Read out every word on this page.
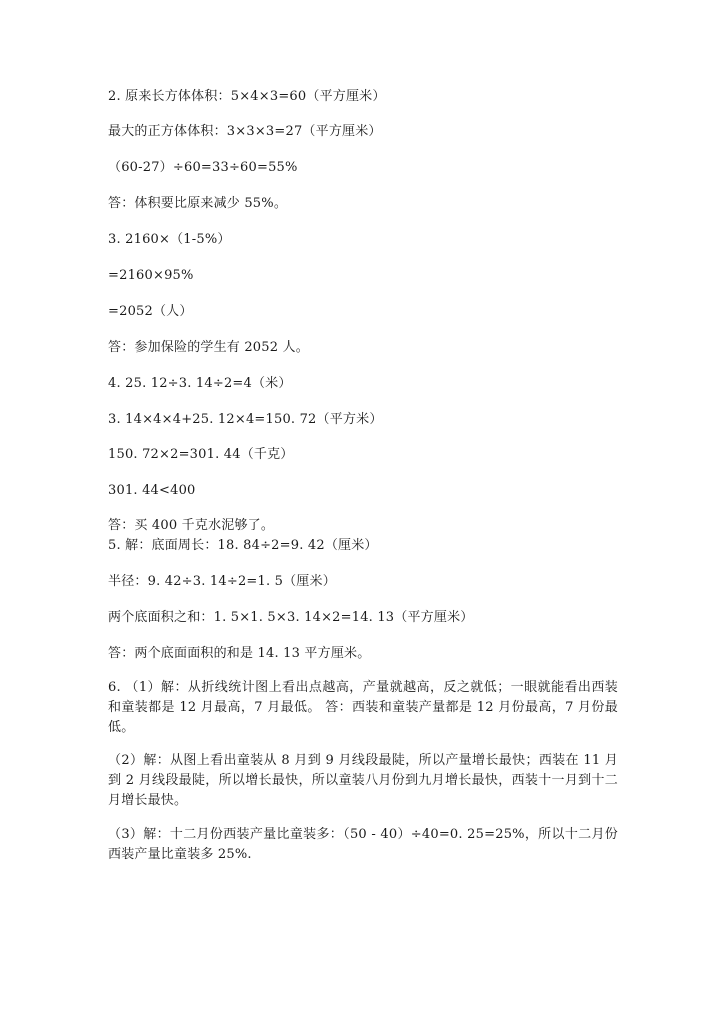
2. 原来长方体体积：5×4×3=60（平方厘米）
最大的正方体体积：3×3×3=27（平方厘米）
（60-27）÷60=33÷60=55%
答：体积要比原来减少 55%。
3. 2160×（1-5%）
=2160×95%
=2052（人）
答：参加保险的学生有 2052 人。
4. 25. 12÷3. 14÷2=4（米）
3. 14×4×4+25. 12×4=150. 72（平方米）
150. 72×2=301. 44（千克）
301. 44<400
答：买 400 千克水泥够了。
5. 解：底面周长：18. 84÷2=9. 42（厘米）
半径：9. 42÷3. 14÷2=1. 5（厘米）
两个底面积之和：1. 5×1. 5×3. 14×2=14. 13（平方厘米）
答：两个底面面积的和是 14. 13 平方厘米。
6. （1）解：从折线统计图上看出点越高，产量就越高，反之就低；一眼就能看出西装和童装都是 12 月最高，7 月最低。 答：西装和童装产量都是 12 月份最高，7 月份最低。
（2）解：从图上看出童装从 8 月到 9 月线段最陡，所以产量增长最快；西装在 11 月到 2 月线段最陡，所以增长最快，所以童装八月份到九月增长最快，西装十一月到十二月增长最快。
（3）解：十二月份西装产量比童装多：（50 - 40）÷40=0. 25=25%，所以十二月份西装产量比童装多 25%.
